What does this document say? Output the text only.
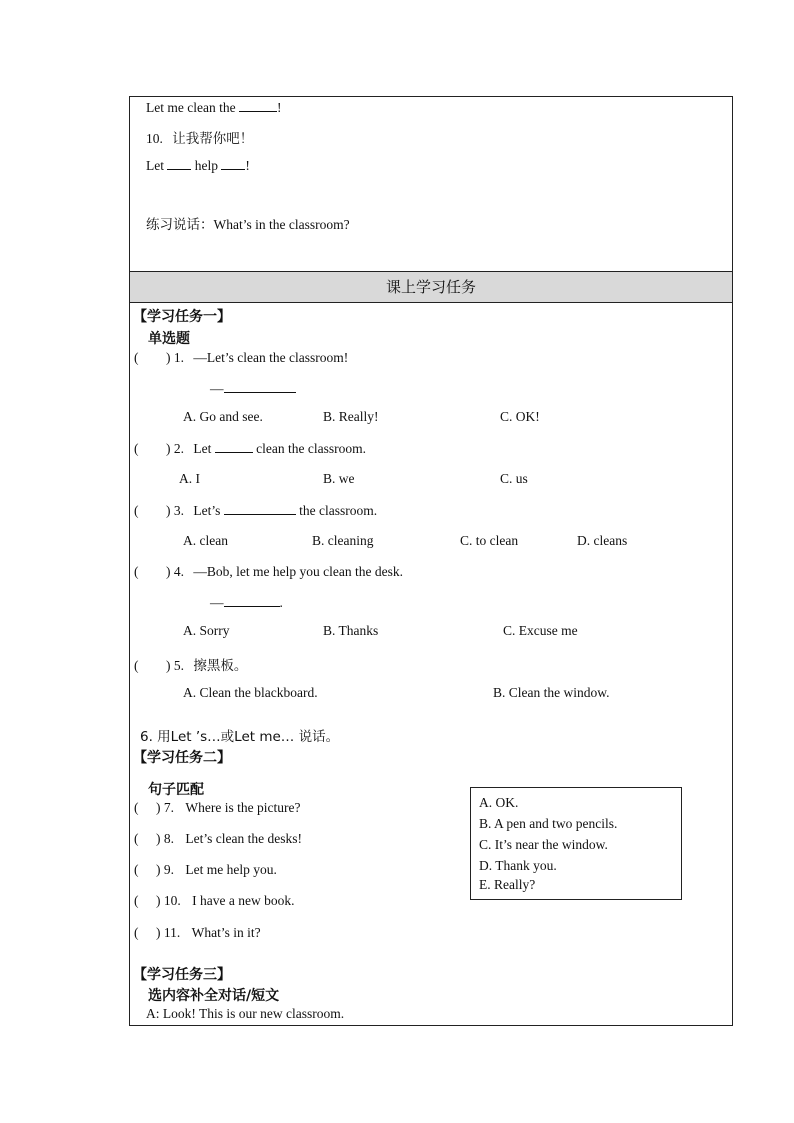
Let me clean the	!
10. 让我帮你吧！
Let  help !
练习说话：What’s in the classroom?
课上学习任务
【学习任务一】
单选题
( ) 1. —Let’s clean the classroom!
—
A. Go and see.	B. Really!	C. OK!
( ) 2. Let	clean the classroom.
A. I	B. we	C. us
( ) 3. Let’s	the classroom.
A. clean	B. cleaning	C. to clean	D. cleans
( ) 4. —Bob, let me help you clean the desk.
—	.
A. Sorry	B. Thanks	C. Excuse me
( ) 5. 擦黑板。
A. Clean the blackboard.	B. Clean the window.
6. 用Let ’s…或Let me… 说话。
【学习任务二】
句子匹配
( ) 7. Where is the picture?
( ) 8. Let’s clean the desks!
( ) 9. Let me help you.
( ) 10. I have a new book.
( ) 11. What’s in it?
A. OK.
B. A pen and two pencils.
C. It’s near the window.
D. Thank you.
E. Really?
【学习任务三】
选内容补全对话/短文
A: Look! This is our new classroom.
